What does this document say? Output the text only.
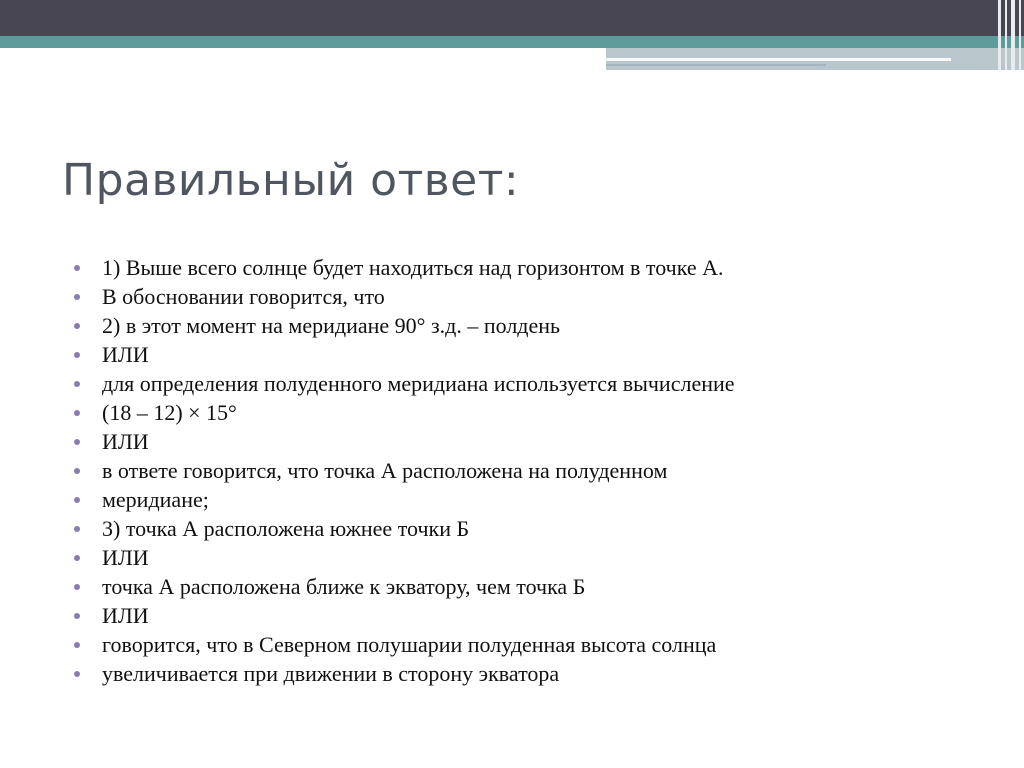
Правильный ответ:
1) Выше всего солнце будет находиться над горизонтом в точке А.
В обосновании говорится, что
2) в этот момент на меридиане 90° з.д. – полдень
ИЛИ
для определения полуденного меридиана используется вычисление
(18 – 12) × 15°
ИЛИ
в ответе говорится, что точка А расположена на полуденном
меридиане;
3) точка А расположена южнее точки Б
ИЛИ
точка А расположена ближе к экватору, чем точка Б
ИЛИ
говорится, что в Северном полушарии полуденная высота солнца
увеличивается при движении в сторону экватора
